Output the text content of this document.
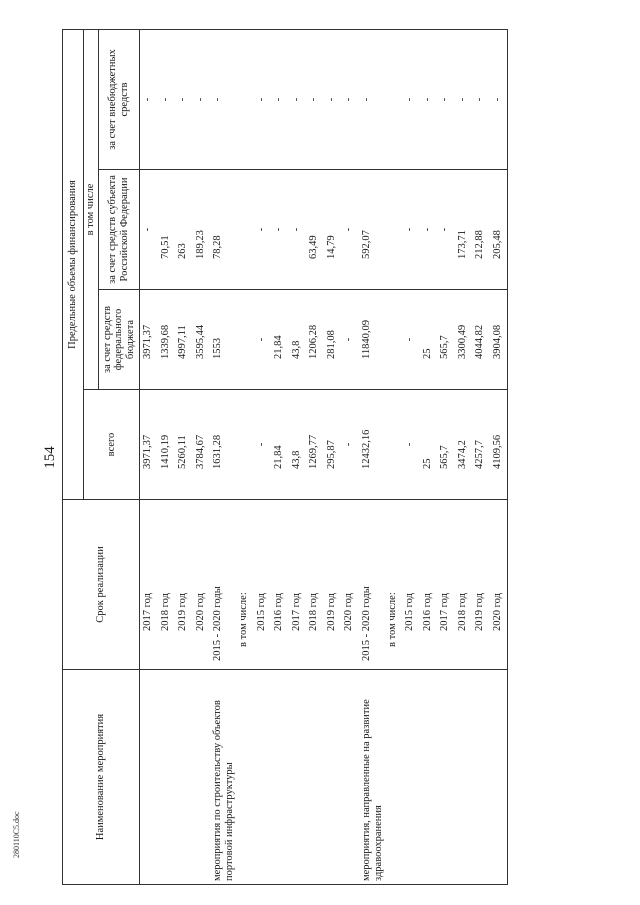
154
Наименование мероприятия	Срок реализации	Предельные объемы финансирования			
		всего	в том числе		
			за счет средств федерального бюджета	за счет средств субъекта Российской Федерации	за счет внебюджетных средств
	2017 год	3971,37	3971,37	-	-
	2018 год	1410,19	1339,68	70,51	-
	2019 год	5260,11	4997,11	263	-
	2020 год	3784,67	3595,44	189,23	-
мероприятия по строительству объектов портовой инфраструктуры	2015 - 2020 годы	1631,28	1553	78,28	-
	в том числе:				
	2015 год	-	-	-	-
	2016 год	21,84	21,84	-	-
	2017 год	43,8	43,8	-	-
	2018 год	1269,77	1206,28	63,49	-
	2019 год	295,87	281,08	14,79	-
	2020 год	-	-	-	-
мероприятия, направленные на развитие здравоохранения	2015 - 2020 годы	12432,16	11840,09	592,07	-
	в том числе:				
	2015 год	-	-	-	-
	2016 год	25	25	-	-
	2017 год	565,7	565,7	-	-
	2018 год	3474,2	3300,49	173,71	-
	2019 год	4257,7	4044,82	212,88	-
	2020 год	4109,56	3904,08	205,48	-
280110C5.doc
